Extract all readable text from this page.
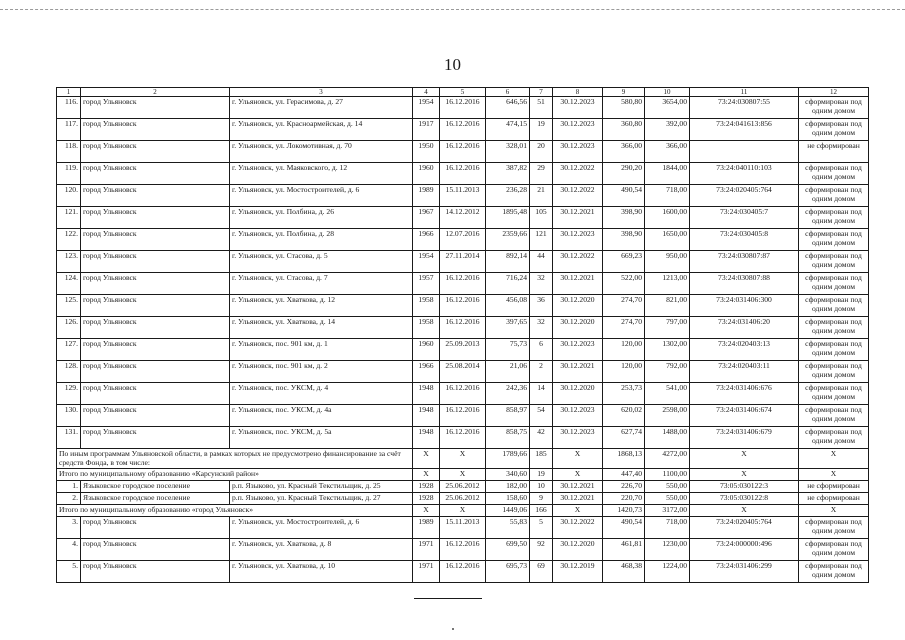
10
1	2	3	4	5	6	7	8	9	10	11	12
116.	город Ульяновск	г. Ульяновск, ул. Герасимова, д. 27	1954	16.12.2016	646,56	51	30.12.2023	580,80	3654,00	73:24:030807:55	сформирован под одним домом
117.	город Ульяновск	г. Ульяновск, ул. Красноармейская, д. 14	1917	16.12.2016	474,15	19	30.12.2023	360,80	392,00	73:24:041613:856	сформирован под одним домом
118.	город Ульяновск	г. Ульяновск, ул. Локомотивная, д. 70	1950	16.12.2016	328,01	20	30.12.2023	366,00	366,00		не сформирован
119.	город Ульяновск	г. Ульяновск, ул. Маяковского, д. 12	1960	16.12.2016	387,82	29	30.12.2022	290,20	1844,00	73:24:040110:103	сформирован под одним домом
120.	город Ульяновск	г. Ульяновск, ул. Мостостроителей, д. 6	1989	15.11.2013	236,28	21	30.12.2022	490,54	718,00	73:24:020405:764	сформирован под одним домом
121.	город Ульяновск	г. Ульяновск, ул. Полбина, д. 26	1967	14.12.2012	1895,48	105	30.12.2021	398,90	1600,00	73:24:030405:7	сформирован под одним домом
122.	город Ульяновск	г. Ульяновск, ул. Полбина, д. 28	1966	12.07.2016	2359,66	121	30.12.2023	398,90	1650,00	73:24:030405:8	сформирован под одним домом
123.	город Ульяновск	г. Ульяновск, ул. Стасова, д. 5	1954	27.11.2014	892,14	44	30.12.2022	669,23	950,00	73:24:030807:87	сформирован под одним домом
124.	город Ульяновск	г. Ульяновск, ул. Стасова, д. 7	1957	16.12.2016	716,24	32	30.12.2021	522,00	1213,00	73:24:030807:88	сформирован под одним домом
125.	город Ульяновск	г. Ульяновск, ул. Хваткова, д. 12	1958	16.12.2016	456,08	36	30.12.2020	274,70	821,00	73:24:031406:300	сформирован под одним домом
126.	город Ульяновск	г. Ульяновск, ул. Хваткова, д. 14	1958	16.12.2016	397,65	32	30.12.2020	274,70	797,00	73:24:031406:20	сформирован под одним домом
127.	город Ульяновск	г. Ульяновск, пос. 901 км, д. 1	1960	25.09.2013	75,73	6	30.12.2023	120,00	1302,00	73:24:020403:13	сформирован под одним домом
128.	город Ульяновск	г. Ульяновск, пос. 901 км, д. 2	1966	25.08.2014	21,06	2	30.12.2021	120,00	792,00	73:24:020403:11	сформирован под одним домом
129.	город Ульяновск	г. Ульяновск, пос. УКСМ, д. 4	1948	16.12.2016	242,36	14	30.12.2020	253,73	541,00	73:24:031406:676	сформирован под одним домом
130.	город Ульяновск	г. Ульяновск, пос. УКСМ, д. 4а	1948	16.12.2016	858,97	54	30.12.2023	620,02	2598,00	73:24:031406:674	сформирован под одним домом
131.	город Ульяновск	г. Ульяновск, пос. УКСМ, д. 5а	1948	16.12.2016	858,75	42	30.12.2023	627,74	1488,00	73:24:031406:679	сформирован под одним домом
По иным программам Ульяновской области, в рамках которых не предусмотрено финансирование за счёт средств Фонда, в том числе:			X	X	1789,66	185	X	1868,13	4272,00	X	X
Итого по муниципальному образованию «Карсунский район»			X	X	340,60	19	X	447,40	1100,00	X	X
1.	Языковское городское поселение	р.п. Языково, ул. Красный Текстильщик, д. 25	1928	25.06.2012	182,00	10	30.12.2021	226,70	550,00	73:05:030122:3	не сформирован
2.	Языковское городское поселение	р.п. Языково, ул. Красный Текстильщик, д. 27	1928	25.06.2012	158,60	9	30.12.2021	220,70	550,00	73:05:030122:8	не сформирован
Итого по муниципальному образованию «город Ульяновск»			X	X	1449,06	166	X	1420,73	3172,00	X	X
3.	город Ульяновск	г. Ульяновск, ул. Мостостроителей, д. 6	1989	15.11.2013	55,83	5	30.12.2022	490,54	718,00	73:24:020405:764	сформирован под одним домом
4.	город Ульяновск	г. Ульяновск, ул. Хваткова, д. 8	1971	16.12.2016	699,50	92	30.12.2020	461,81	1230,00	73:24:000000:496	сформирован под одним домом
5.	город Ульяновск	г. Ульяновск, ул. Хваткова, д. 10	1971	16.12.2016	695,73	69	30.12.2019	468,38	1224,00	73:24:031406:299	сформирован под одним домом
